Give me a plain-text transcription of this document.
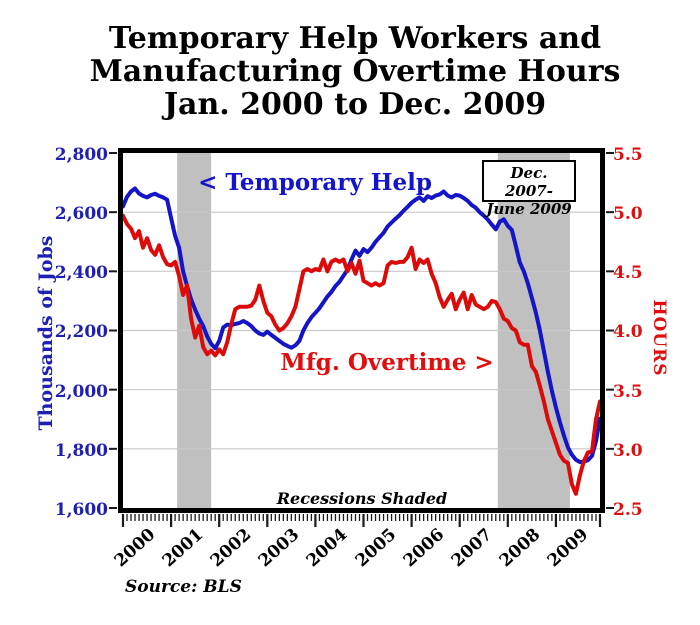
Temporary Help Workers and
Manufacturing Overtime Hours
Jan. 2000 to Dec. 2009
2,800
2,600
2,400
2,200
2,000
1,800
1,600
5.5
5.0
4.5
4.0
3.5
3.0
2.5
Thousands of Jobs	HOURS
2000 2001 2002 2003 2004 2005 2006 2007 2008 2009
< Temporary Help
Mfg. Overtime >
Dec. 2007-
June 2009
Recessions Shaded
Source: BLS
